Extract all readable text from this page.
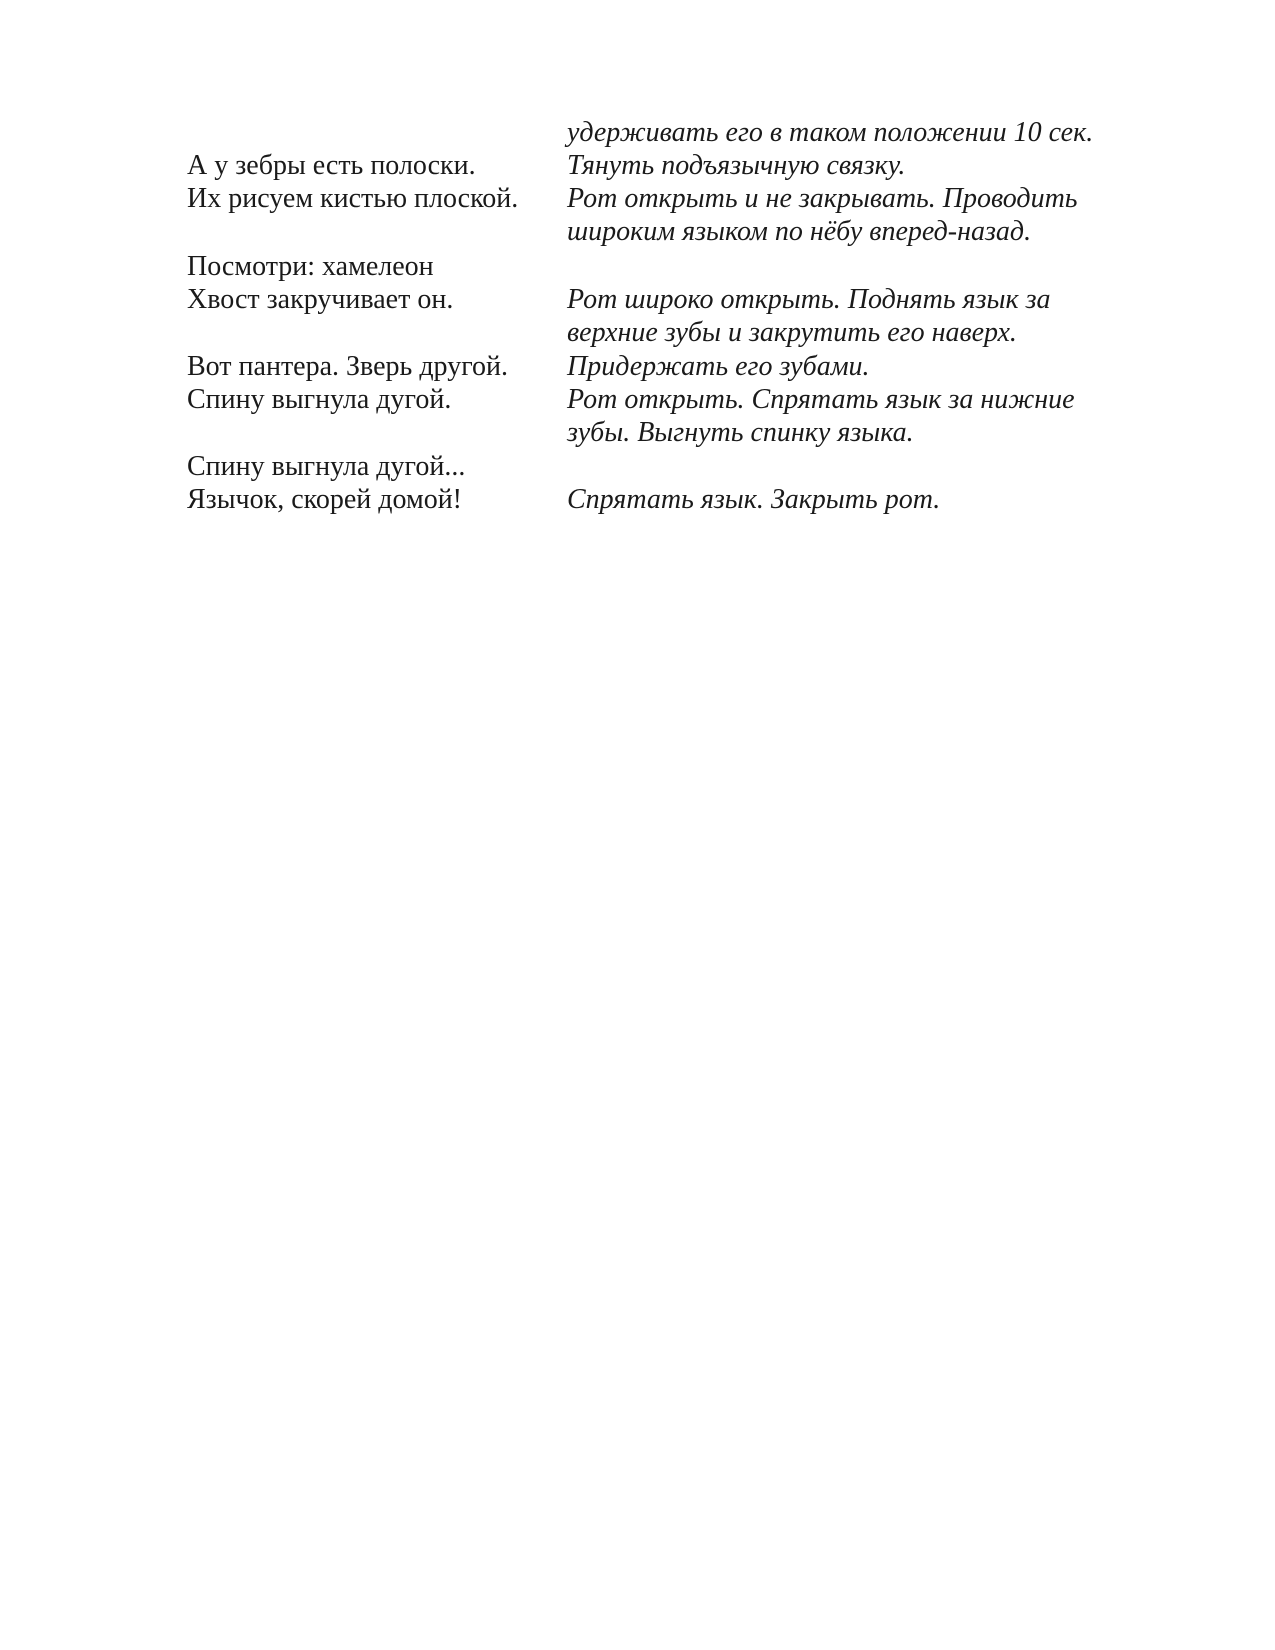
А у зебры есть полоски.
Их рисуем кистью плоской.
Посмотри: хамелеон
Хвост закручивает он.
Вот пантера. Зверь другой.
Спину выгнула дугой.
Спину выгнула дугой...
Язычок, скорей домой!
удерживать его в таком положении 10 сек.
Тянуть подъязычную связку.
Рот открыть и не закрывать. Проводить
широким языком по нёбу вперед-назад.
Рот широко открыть. Поднять язык за
верхние зубы и закрутить его наверх.
Придержать его зубами.
Рот открыть. Спрятать язык за нижние
зубы. Выгнуть спинку языка.
Спрятать язык. Закрыть рот.
